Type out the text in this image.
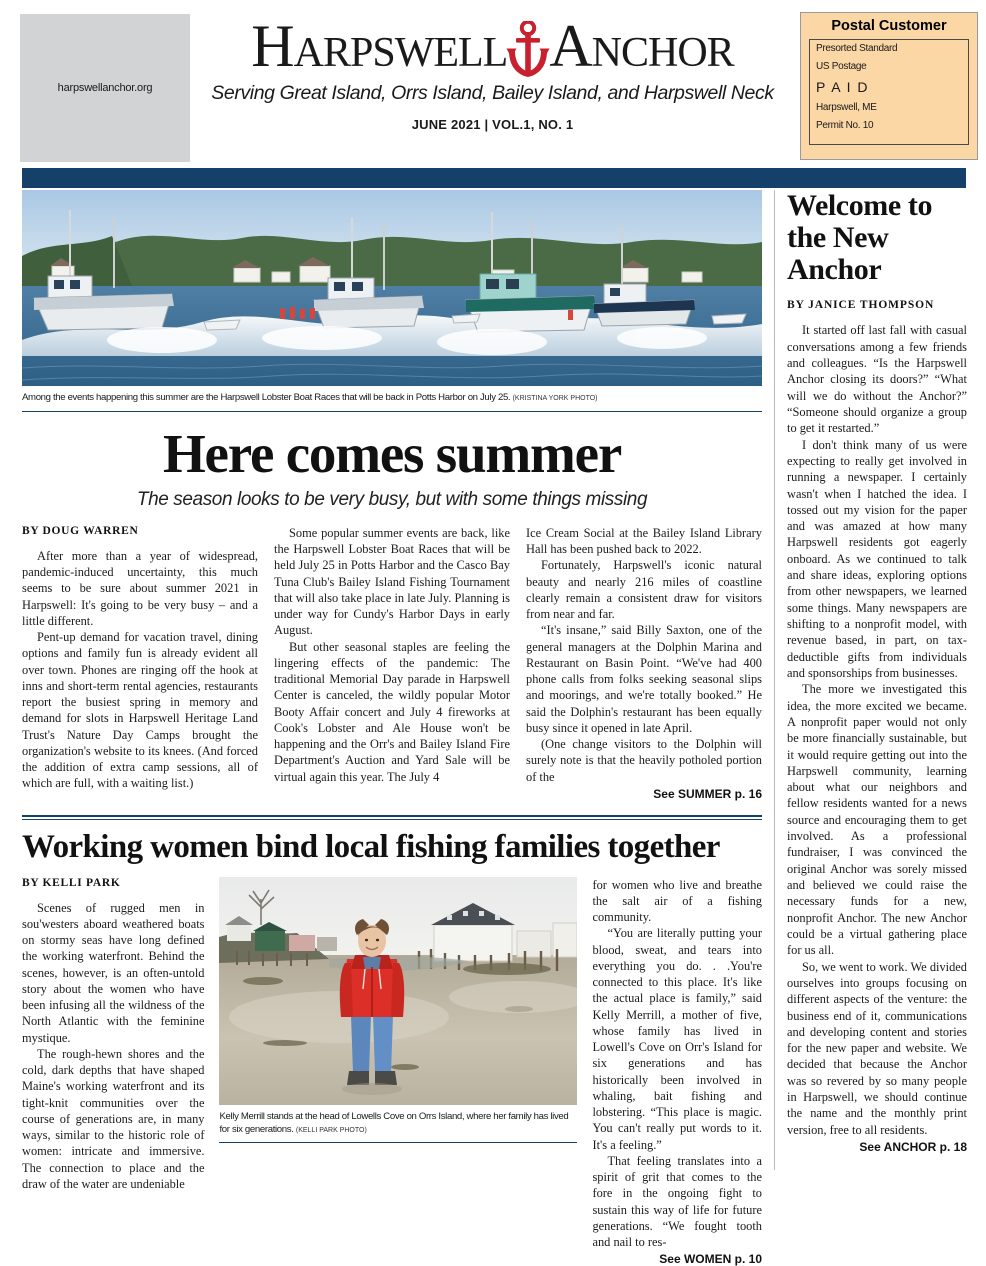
harpswellanchor.org
Harpswell Anchor
Serving Great Island, Orrs Island, Bailey Island, and Harpswell Neck
JUNE 2021 | VOL.1, NO. 1
Postal Customer
Presorted Standard
US Postage
P A I D
Harpswell, ME
Permit No. 10
Among the events happening this summer are the Harpswell Lobster Boat Races that will be back in Potts Harbor on July 25. (KRISTINA YORK PHOTO)
Here comes summer
The season looks to be very busy, but with some things missing
BY DOUG WARREN

After more than a year of widespread, pandemic-induced uncertainty, this much seems to be sure about summer 2021 in Harpswell: It's going to be very busy – and a little different.

Pent-up demand for vacation travel, dining options and family fun is already evident all over town. Phones are ringing off the hook at inns and short-term rental agencies, restaurants report the busiest spring in memory and demand for slots in Harpswell Heritage Land Trust's Nature Day Camps brought the organization's website to its knees. (And forced the addition of extra camp sessions, all of which are full, with a waiting list.)

Some popular summer events are back, like the Harpswell Lobster Boat Races that will be held July 25 in Potts Harbor and the Casco Bay Tuna Club's Bailey Island Fishing Tournament that will also take place in late July. Planning is under way for Cundy's Harbor Days in early August.

But other seasonal staples are feeling the lingering effects of the pandemic: The traditional Memorial Day parade in Harpswell Center is canceled, the wildly popular Motor Booty Affair concert and July 4 fireworks at Cook's Lobster and Ale House won't be happening and the Orr's and Bailey Island Fire Department's Auction and Yard Sale will be virtual again this year. The July 4

Ice Cream Social at the Bailey Island Library Hall has been pushed back to 2022.

Fortunately, Harpswell's iconic natural beauty and nearly 216 miles of coastline clearly remain a consistent draw for visitors from near and far.

“It's insane,” said Billy Saxton, one of the general managers at the Dolphin Marina and Restaurant on Basin Point. “We've had 400 phone calls from folks seeking seasonal slips and moorings, and we're totally booked.” He said the Dolphin's restaurant has been equally busy since it opened in late April.

(One change visitors to the Dolphin will surely note is that the heavily potholed portion of the

See SUMMER p. 16
Working women bind local fishing families together
BY KELLI PARK

Scenes of rugged men in sou'westers aboard weathered boats on stormy seas have long defined the working waterfront. Behind the scenes, however, is an often-untold story about the women who have been infusing all the wildness of the North Atlantic with the feminine mystique.

The rough-hewn shores and the cold, dark depths that have shaped Maine's working waterfront and its tight-knit communities over the course of generations are, in many ways, similar to the historic role of women: intricate and immersive. The connection to place and the draw of the water are undeniable

Kelly Merrill stands at the head of Lowells Cove on Orrs Island, where her family has lived for six generations. (KELLI PARK PHOTO)

for women who live and breathe the salt air of a fishing community.

“You are literally putting your blood, sweat, and tears into everything you do. . .You're connected to this place. It's like the actual place is family,” said Kelly Merrill, a mother of five, whose family has lived in Lowell's Cove on Orr's Island for six generations and has historically been involved in whaling, bait fishing and lobstering. “This place is magic. You can't really put words to it. It's a feeling.”

That feeling translates into a spirit of grit that comes to the fore in the ongoing fight to sustain this way of life for future generations. “We fought tooth and nail to res-

See WOMEN p. 10
Welcome to the New Anchor
BY JANICE THOMPSON

It started off last fall with casual conversations among a few friends and colleagues. “Is the Harpswell Anchor closing its doors?” “What will we do without the Anchor?” “Someone should organize a group to get it restarted.”

I don't think many of us were expecting to really get involved in running a newspaper. I certainly wasn't when I hatched the idea. I tossed out my vision for the paper and was amazed at how many Harpswell residents got eagerly onboard. As we continued to talk and share ideas, exploring options from other newspapers, we learned some things. Many newspapers are shifting to a nonprofit model, with revenue based, in part, on tax-deductible gifts from individuals and sponsorships from businesses.

The more we investigated this idea, the more excited we became. A nonprofit paper would not only be more financially sustainable, but it would require getting out into the Harpswell community, learning about what our neighbors and fellow residents wanted for a news source and encouraging them to get involved. As a professional fundraiser, I was convinced the original Anchor was sorely missed and believed we could raise the necessary funds for a new, nonprofit Anchor. The new Anchor could be a virtual gathering place for us all.

So, we went to work. We divided ourselves into groups focusing on different aspects of the venture: the business end of it, communications and developing content and stories for the new paper and website. We decided that because the Anchor was so revered by so many people in Harpswell, we should continue the name and the monthly print version, free to all residents.

See ANCHOR p. 18
